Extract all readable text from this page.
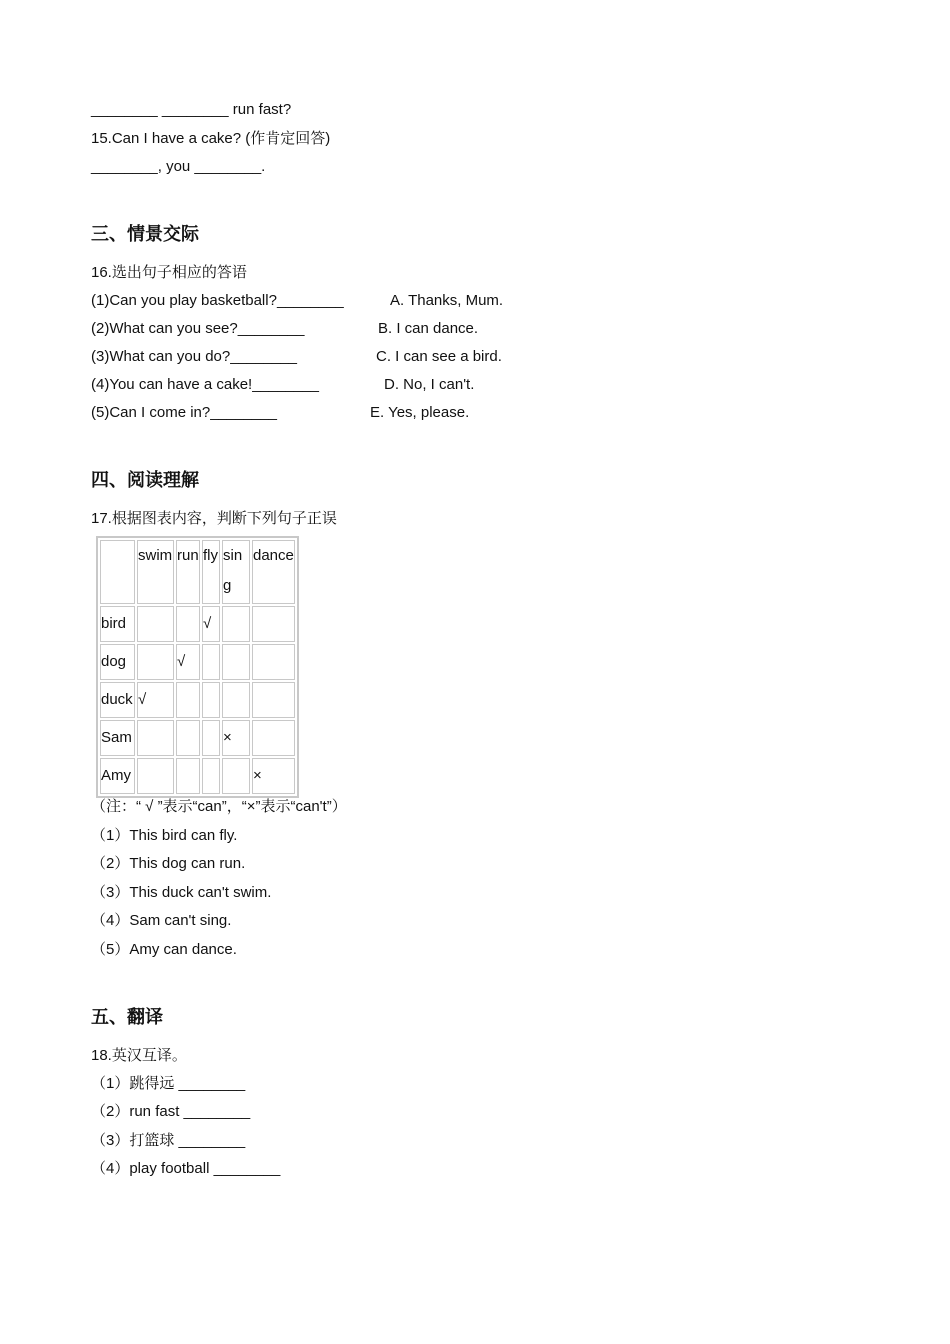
________ ________ run fast?
15.Can I have a cake? (作肯定回答)
________, you ________.
三、情景交际
16.选出句子相应的答语
(1)Can you play basketball?________	A. Thanks, Mum.
(2)What can you see?________	B. I can dance.
(3)What can you do?________	C. I can see a bird.
(4)You can have a cake!________	D. No, I can't.
(5)Can I come in?________	E. Yes, please.
四、阅读理解
17.根据图表内容，判断下列句子正误
	swim	run	fly	sing	dance
bird			√		
dog		√			
duck	√				
Sam				×	
Amy					×
（注：“ √ ”表示“can”，“×”表示“can't”）
（1）This bird can fly.
（2）This dog can run.
（3）This duck can't swim.
（4）Sam can't sing.
（5）Amy can dance.
五、翻译
18.英汉互译。
（1）跳得远 ________
（2）run fast ________
（3）打篮球 ________
（4）play football ________
